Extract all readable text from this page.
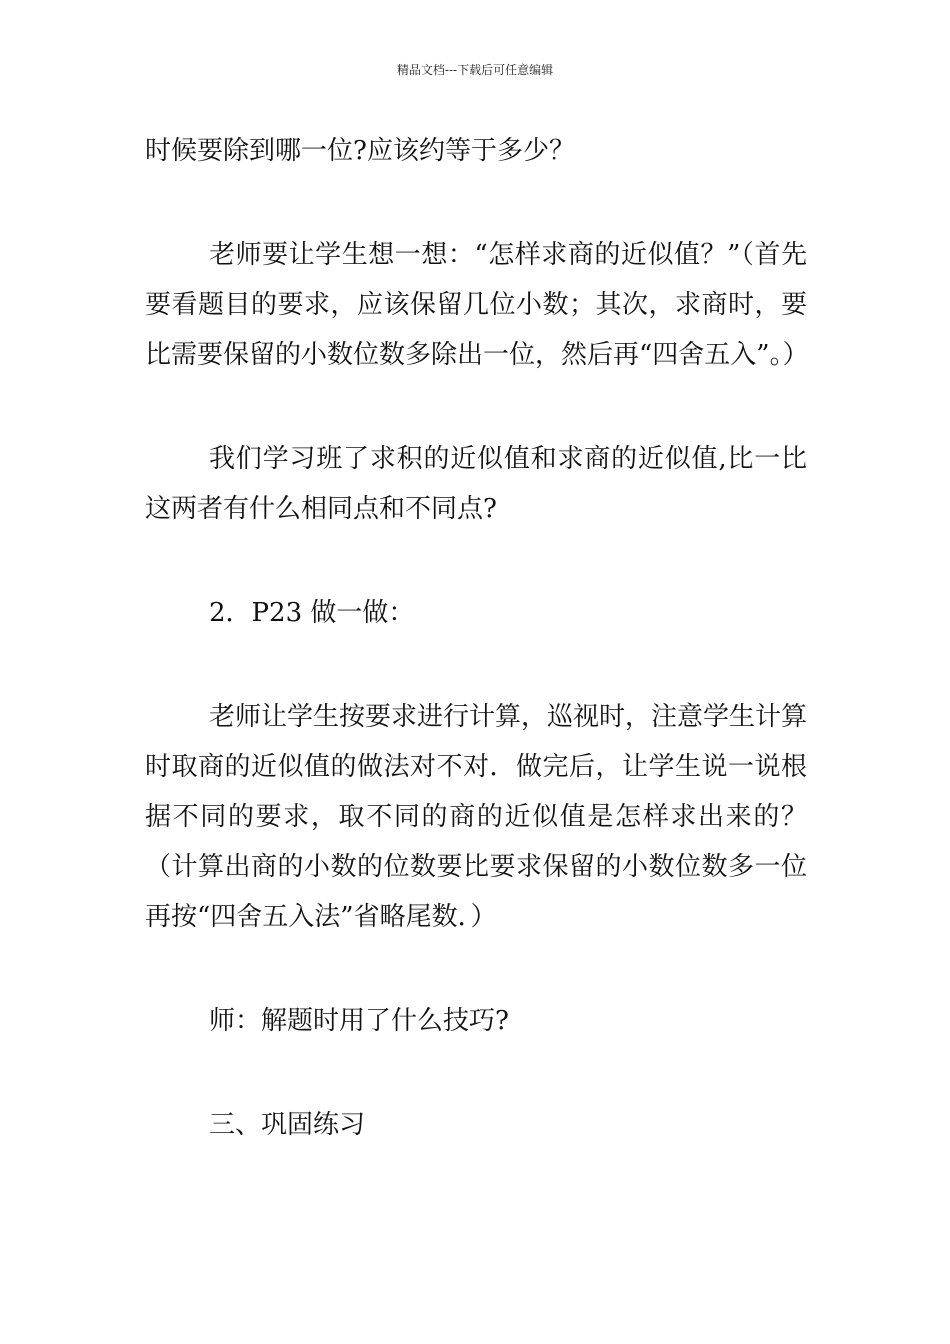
精品文档---下载后可任意编辑

时候要除到哪一位?应该约等于多少？

老师要让学生想一想：“怎样求商的近似值？”（首先要看题目的要求，应该保留几位小数；其次，求商时，要比需要保留的小数位数多除出一位，然后再“四舍五入”。）

我们学习班了求积的近似值和求商的近似值,比一比这两者有什么相同点和不同点?

2．P23 做一做：

老师让学生按要求进行计算，巡视时，注意学生计算时取商的近似值的做法对不对．做完后，让学生说一说根据不同的要求，取不同的商的近似值是怎样求出来的？（计算出商的小数的位数要比要求保留的小数位数多一位再按“四舍五入法”省略尾数．）

师：解题时用了什么技巧?

三、巩固练习
